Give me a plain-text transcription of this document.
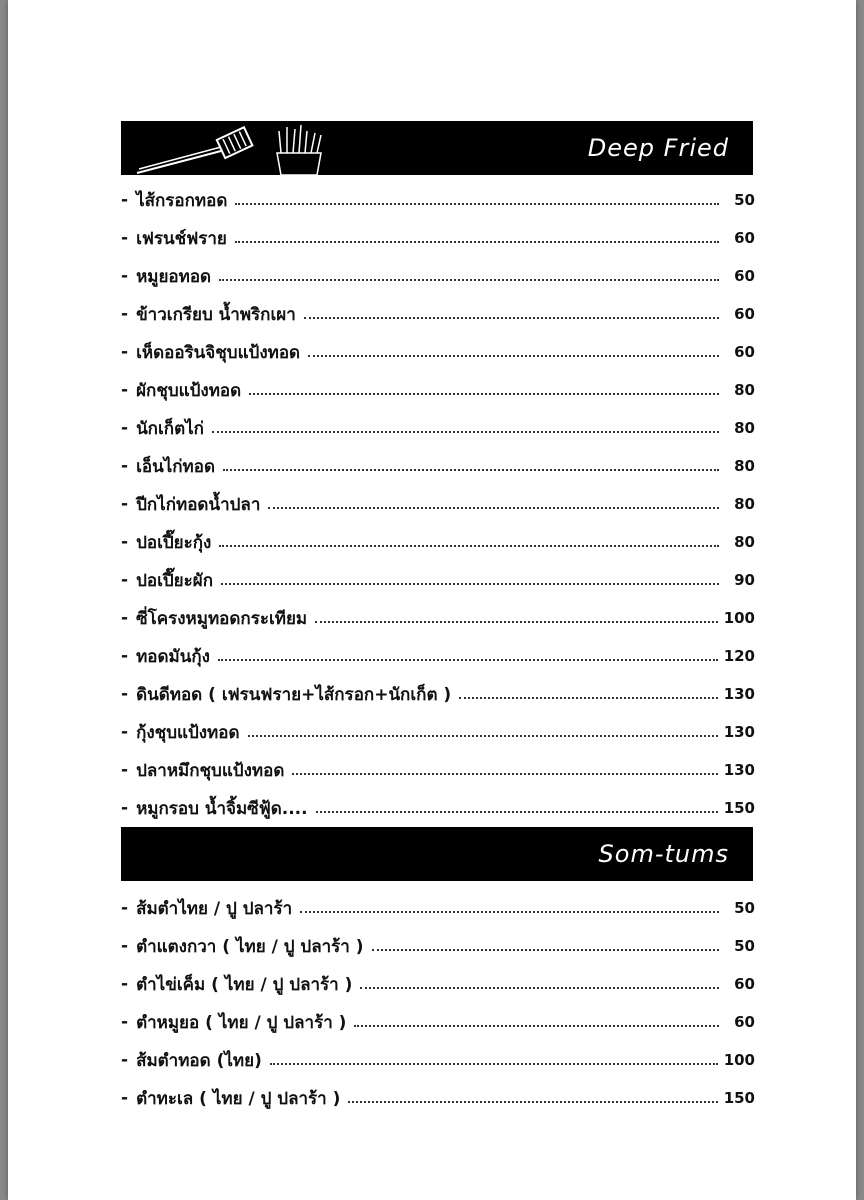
Deep Fried
- ไส้กรอกทอด	50
- เฟรนช์ฟราย	60
- หมูยอทอด	60
- ข้าวเกรียบ น้ำพริกเผา	60
- เห็ดออรินจิชุบแป้งทอด	60
- ผักชุบแป้งทอด	80
- นักเก็ตไก่	80
- เอ็นไก่ทอด	80
- ปีกไก่ทอดน้ำปลา	80
- ปอเปี๊ยะกุ้ง	80
- ปอเปี๊ยะผัก	90
- ซี่โครงหมูทอดกระเทียม	100
- ทอดมันกุ้ง	120
- ดินดีทอด ( เฟรนฟราย+ไส้กรอก+นักเก็ต )	130
- กุ้งชุบแป้งทอด	130
- ปลาหมึกชุบแป้งทอด	130
- หมูกรอบ น้ำจิ้มซีฟู้ด....	150
Som-tums
- ส้มตำไทย / ปู ปลาร้า	50
- ตำแตงกวา ( ไทย / ปู ปลาร้า )	50
- ตำไข่เค็ม ( ไทย / ปู ปลาร้า )	60
- ตำหมูยอ ( ไทย / ปู ปลาร้า )	60
- ส้มตำทอด (ไทย)	100
- ตำทะเล ( ไทย / ปู ปลาร้า )	150
